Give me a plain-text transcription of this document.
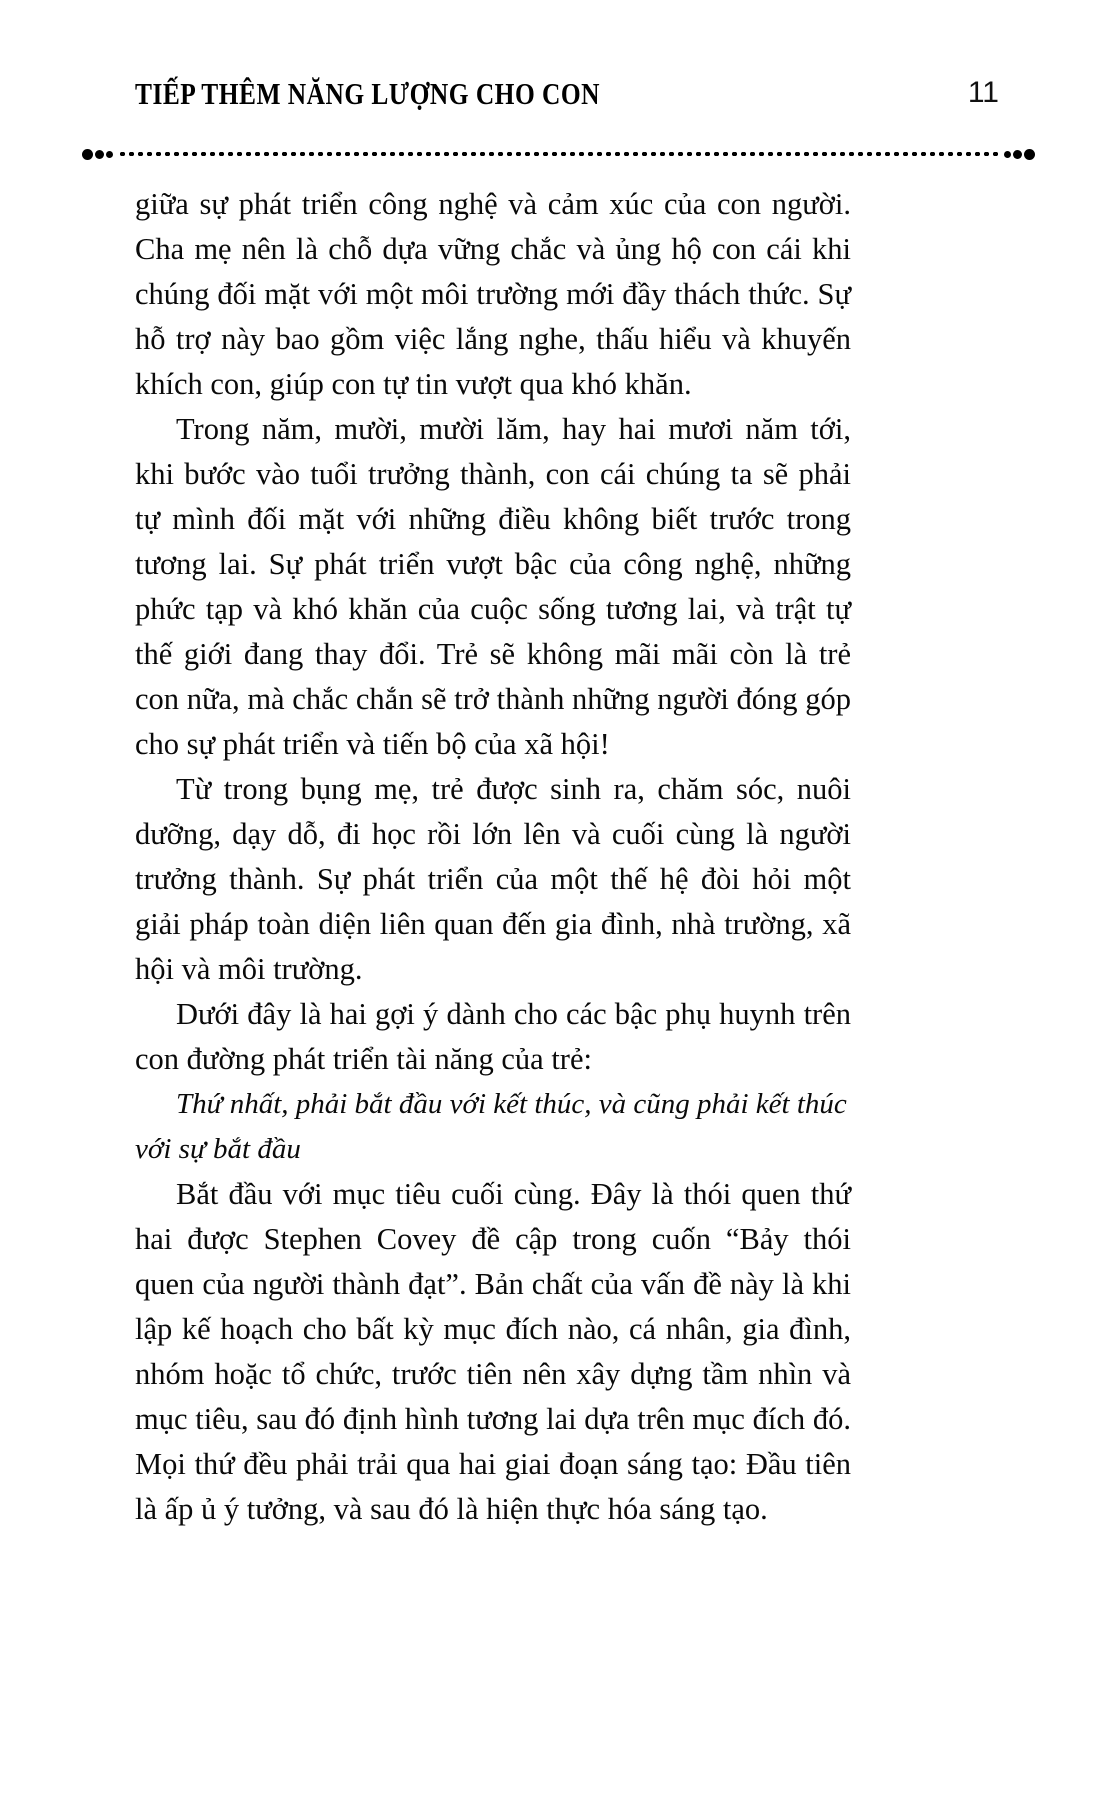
TIẾP THÊM NĂNG LƯỢNG CHO CON	11

giữa sự phát triển công nghệ và cảm xúc của con người. Cha mẹ nên là chỗ dựa vững chắc và ủng hộ con cái khi chúng đối mặt với một môi trường mới đầy thách thức. Sự hỗ trợ này bao gồm việc lắng nghe, thấu hiểu và khuyến khích con, giúp con tự tin vượt qua khó khăn.

Trong năm, mười, mười lăm, hay hai mươi năm tới, khi bước vào tuổi trưởng thành, con cái chúng ta sẽ phải tự mình đối mặt với những điều không biết trước trong tương lai. Sự phát triển vượt bậc của công nghệ, những phức tạp và khó khăn của cuộc sống tương lai, và trật tự thế giới đang thay đổi. Trẻ sẽ không mãi mãi còn là trẻ con nữa, mà chắc chắn sẽ trở thành những người đóng góp cho sự phát triển và tiến bộ của xã hội!

Từ trong bụng mẹ, trẻ được sinh ra, chăm sóc, nuôi dưỡng, dạy dỗ, đi học rồi lớn lên và cuối cùng là người trưởng thành. Sự phát triển của một thế hệ đòi hỏi một giải pháp toàn diện liên quan đến gia đình, nhà trường, xã hội và môi trường.

Dưới đây là hai gợi ý dành cho các bậc phụ huynh trên con đường phát triển tài năng của trẻ:

Thứ nhất, phải bắt đầu với kết thúc, và cũng phải kết thúc với sự bắt đầu

Bắt đầu với mục tiêu cuối cùng. Đây là thói quen thứ hai được Stephen Covey đề cập trong cuốn “Bảy thói quen của người thành đạt”. Bản chất của vấn đề này là khi lập kế hoạch cho bất kỳ mục đích nào, cá nhân, gia đình, nhóm hoặc tổ chức, trước tiên nên xây dựng tầm nhìn và mục tiêu, sau đó định hình tương lai dựa trên mục đích đó. Mọi thứ đều phải trải qua hai giai đoạn sáng tạo: Đầu tiên là ấp ủ ý tưởng, và sau đó là hiện thực hóa sáng tạo.
